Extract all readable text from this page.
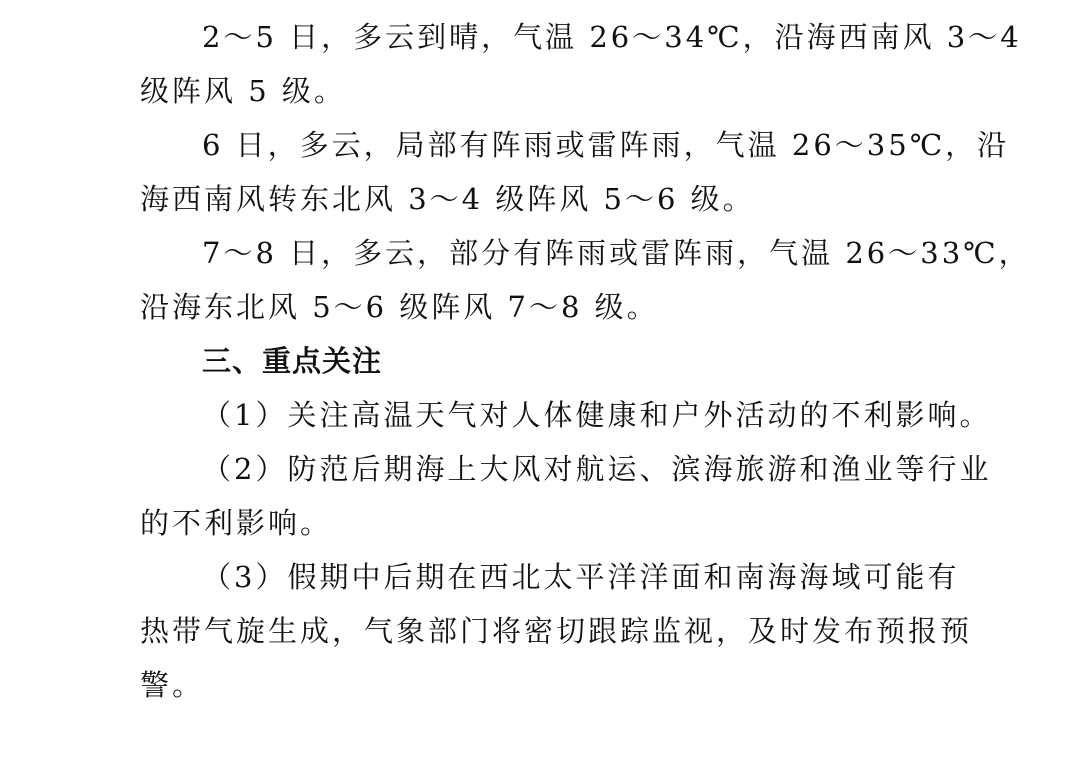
2～5 日，多云到晴，气温 26～34℃，沿海西南风 3～4
级阵风 5 级。
6 日，多云，局部有阵雨或雷阵雨，气温 26～35℃，沿
海西南风转东北风 3～4 级阵风 5～6 级。
7～8 日，多云，部分有阵雨或雷阵雨，气温 26～33℃，
沿海东北风 5～6 级阵风 7～8 级。
三、重点关注
（1）关注高温天气对人体健康和户外活动的不利影响。
（2）防范后期海上大风对航运、滨海旅游和渔业等行业
的不利影响。
（3）假期中后期在西北太平洋洋面和南海海域可能有
热带气旋生成，气象部门将密切跟踪监视，及时发布预报预
警。
